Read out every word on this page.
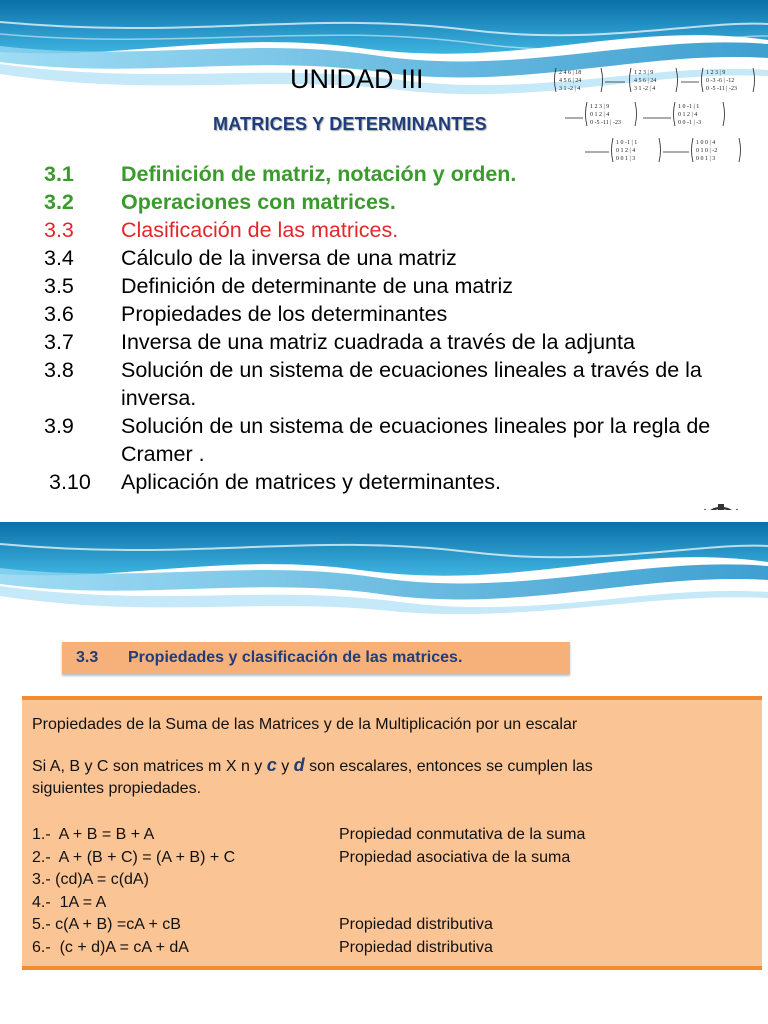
UNIDAD III
MATRICES Y DETERMINANTES
2 4 6 | 18
4 5 6 | 24
3 1 -2 | 4
1 2 3 | 9
4 5 6 | 24
3 1 -2 | 4
1 2 3 | 9
0 -3 -6 | -12
0 -5 -11 | -23
1 2 3 | 9
0 1 2 | 4
0 -5 -11 | -23
1 0 -1 | 1
0 1 2 | 4
0 0 -1 | -3
1 0 -1 | 1
0 1 2 | 4
0 0 1 | 3
1 0 0 | 4
0 1 0 | -2
0 0 1 | 3
3.1 Definición de matriz, notación y orden.
3.2 Operaciones con matrices.
3.3 Clasificación de las matrices.
3.4 Cálculo de la inversa de una matriz
3.5 Definición de determinante de una matriz
3.6 Propiedades de los determinantes
3.7 Inversa de una matriz cuadrada a través de la adjunta
3.8 Solución de un sistema de ecuaciones lineales a través de la inversa.
3.9 Solución de un sistema de ecuaciones lineales por la regla de Cramer .
3.10 Aplicación de matrices y determinantes.
3.3 Propiedades y clasificación de las matrices.
Propiedades de la Suma de las Matrices y de la Multiplicación por un escalar
Si A, B y C son matrices m X n y c y d son escalares, entonces se cumplen las
siguientes propiedades.
1.-  A + B = B + A	Propiedad conmutativa de la suma
2.-  A + (B + C) = (A + B) + C	Propiedad asociativa de la suma
3.- (cd)A = c(dA)
4.-  1A = A
5.- c(A + B) =cA + cB	Propiedad distributiva
6.-  (c + d)A = cA + dA	Propiedad distributiva
